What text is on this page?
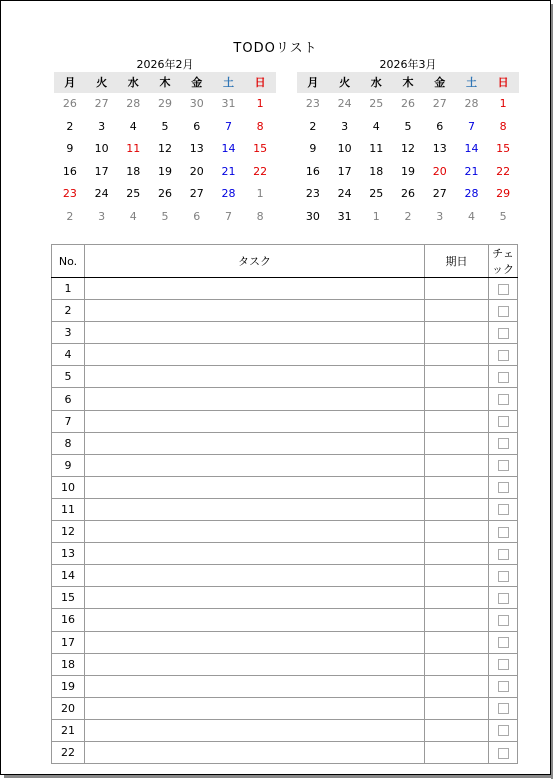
TODOリスト
2026年2月
月	火	水	木	金	土	日
26	27	28	29	30	31	1
2	3	4	5	6	7	8
9	10	11	12	13	14	15
16	17	18	19	20	21	22
23	24	25	26	27	28	1
2	3	4	5	6	7	8
2026年3月
月	火	水	木	金	土	日
23	24	25	26	27	28	1
2	3	4	5	6	7	8
9	10	11	12	13	14	15
16	17	18	19	20	21	22
23	24	25	26	27	28	29
30	31	1	2	3	4	5
No.	タスク	期日	チェック
1			
2			
3			
4			
5			
6			
7			
8			
9			
10			
11			
12			
13			
14			
15			
16			
17			
18			
19			
20			
21			
22			
